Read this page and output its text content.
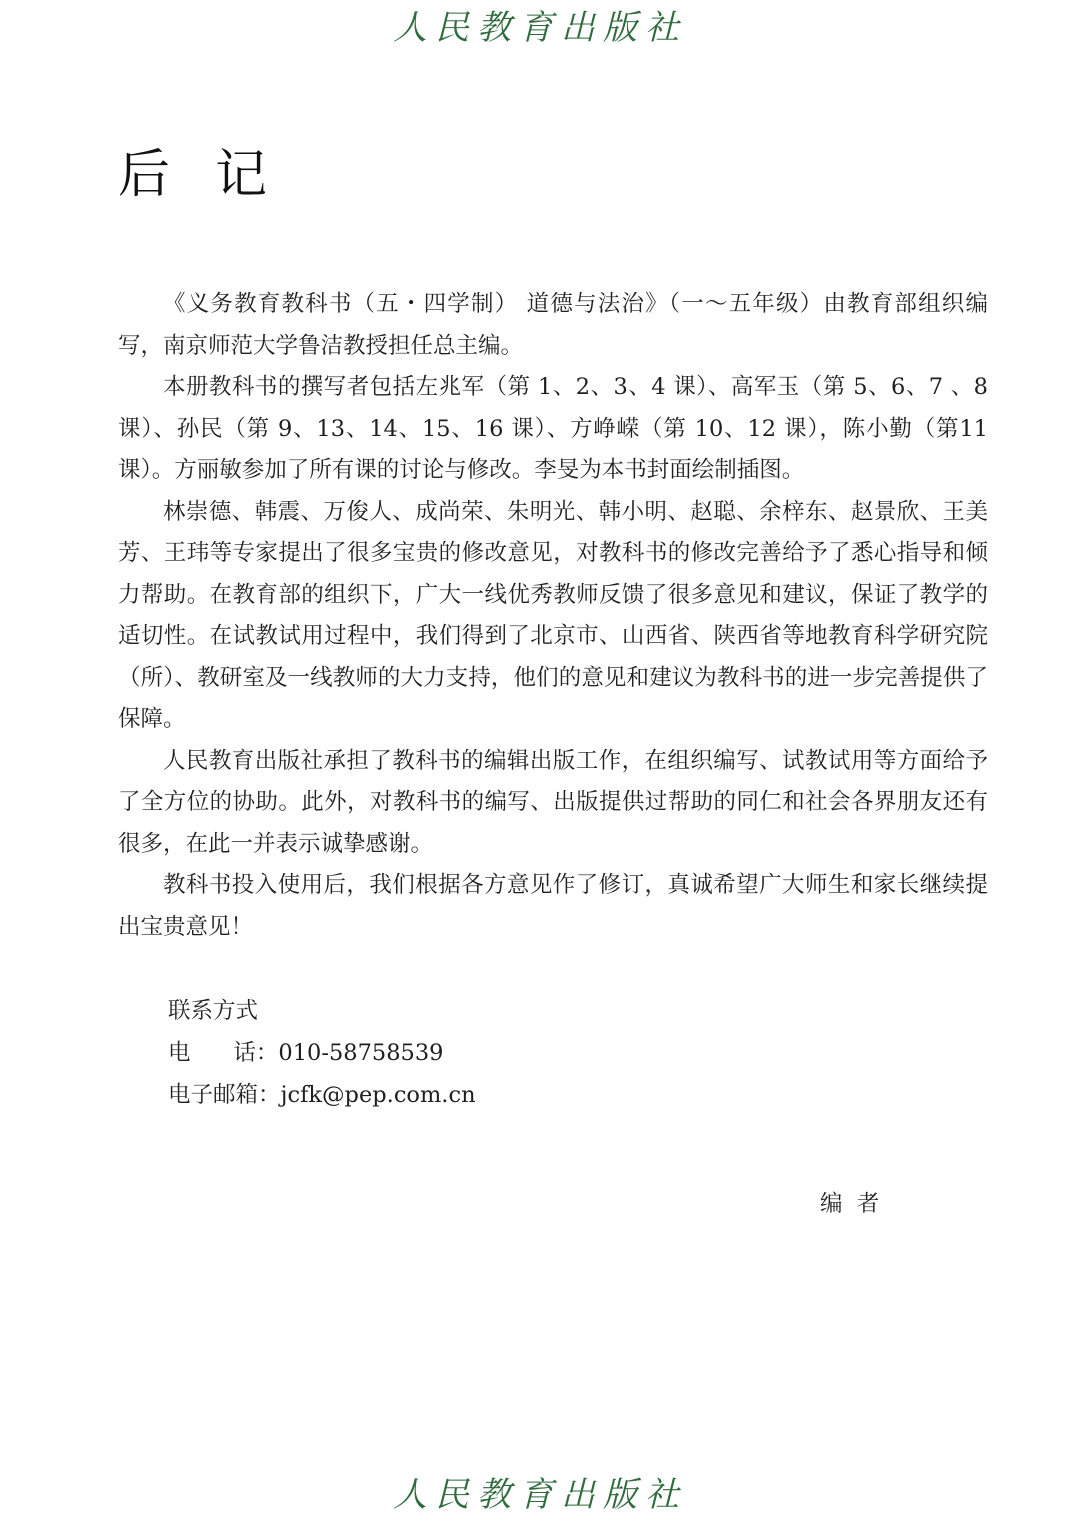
人民教育出版社
后  记

《义务教育教科书（五・四学制） 道德与法治》（一～五年级）由教育部组织编写，南京师范大学鲁洁教授担任总主编。

本册教科书的撰写者包括左兆军（第 1、2、3、4 课）、高军玉（第 5、6、7 、8课）、孙民（第 9、13、14、15、16 课）、方峥嵘（第 10、12 课），陈小勤（第11课）。方丽敏参加了所有课的讨论与修改。李旻为本书封面绘制插图。

林崇德、韩震、万俊人、成尚荣、朱明光、韩小明、赵聪、余梓东、赵景欣、王美芳、王玮等专家提出了很多宝贵的修改意见，对教科书的修改完善给予了悉心指导和倾力帮助。在教育部的组织下，广大一线优秀教师反馈了很多意见和建议，保证了教学的适切性。在试教试用过程中，我们得到了北京市、山西省、陕西省等地教育科学研究院（所）、教研室及一线教师的大力支持，他们的意见和建议为教科书的进一步完善提供了保障。

人民教育出版社承担了教科书的编辑出版工作，在组织编写、试教试用等方面给予了全方位的协助。此外，对教科书的编写、出版提供过帮助的同仁和社会各界朋友还有很多，在此一并表示诚挚感谢。

教科书投入使用后，我们根据各方意见作了修订，真诚希望广大师生和家长继续提出宝贵意见！

联系方式
电      话：010-58758539
电子邮箱：jcfk@pep.com.cn
编  者
人民教育出版社
